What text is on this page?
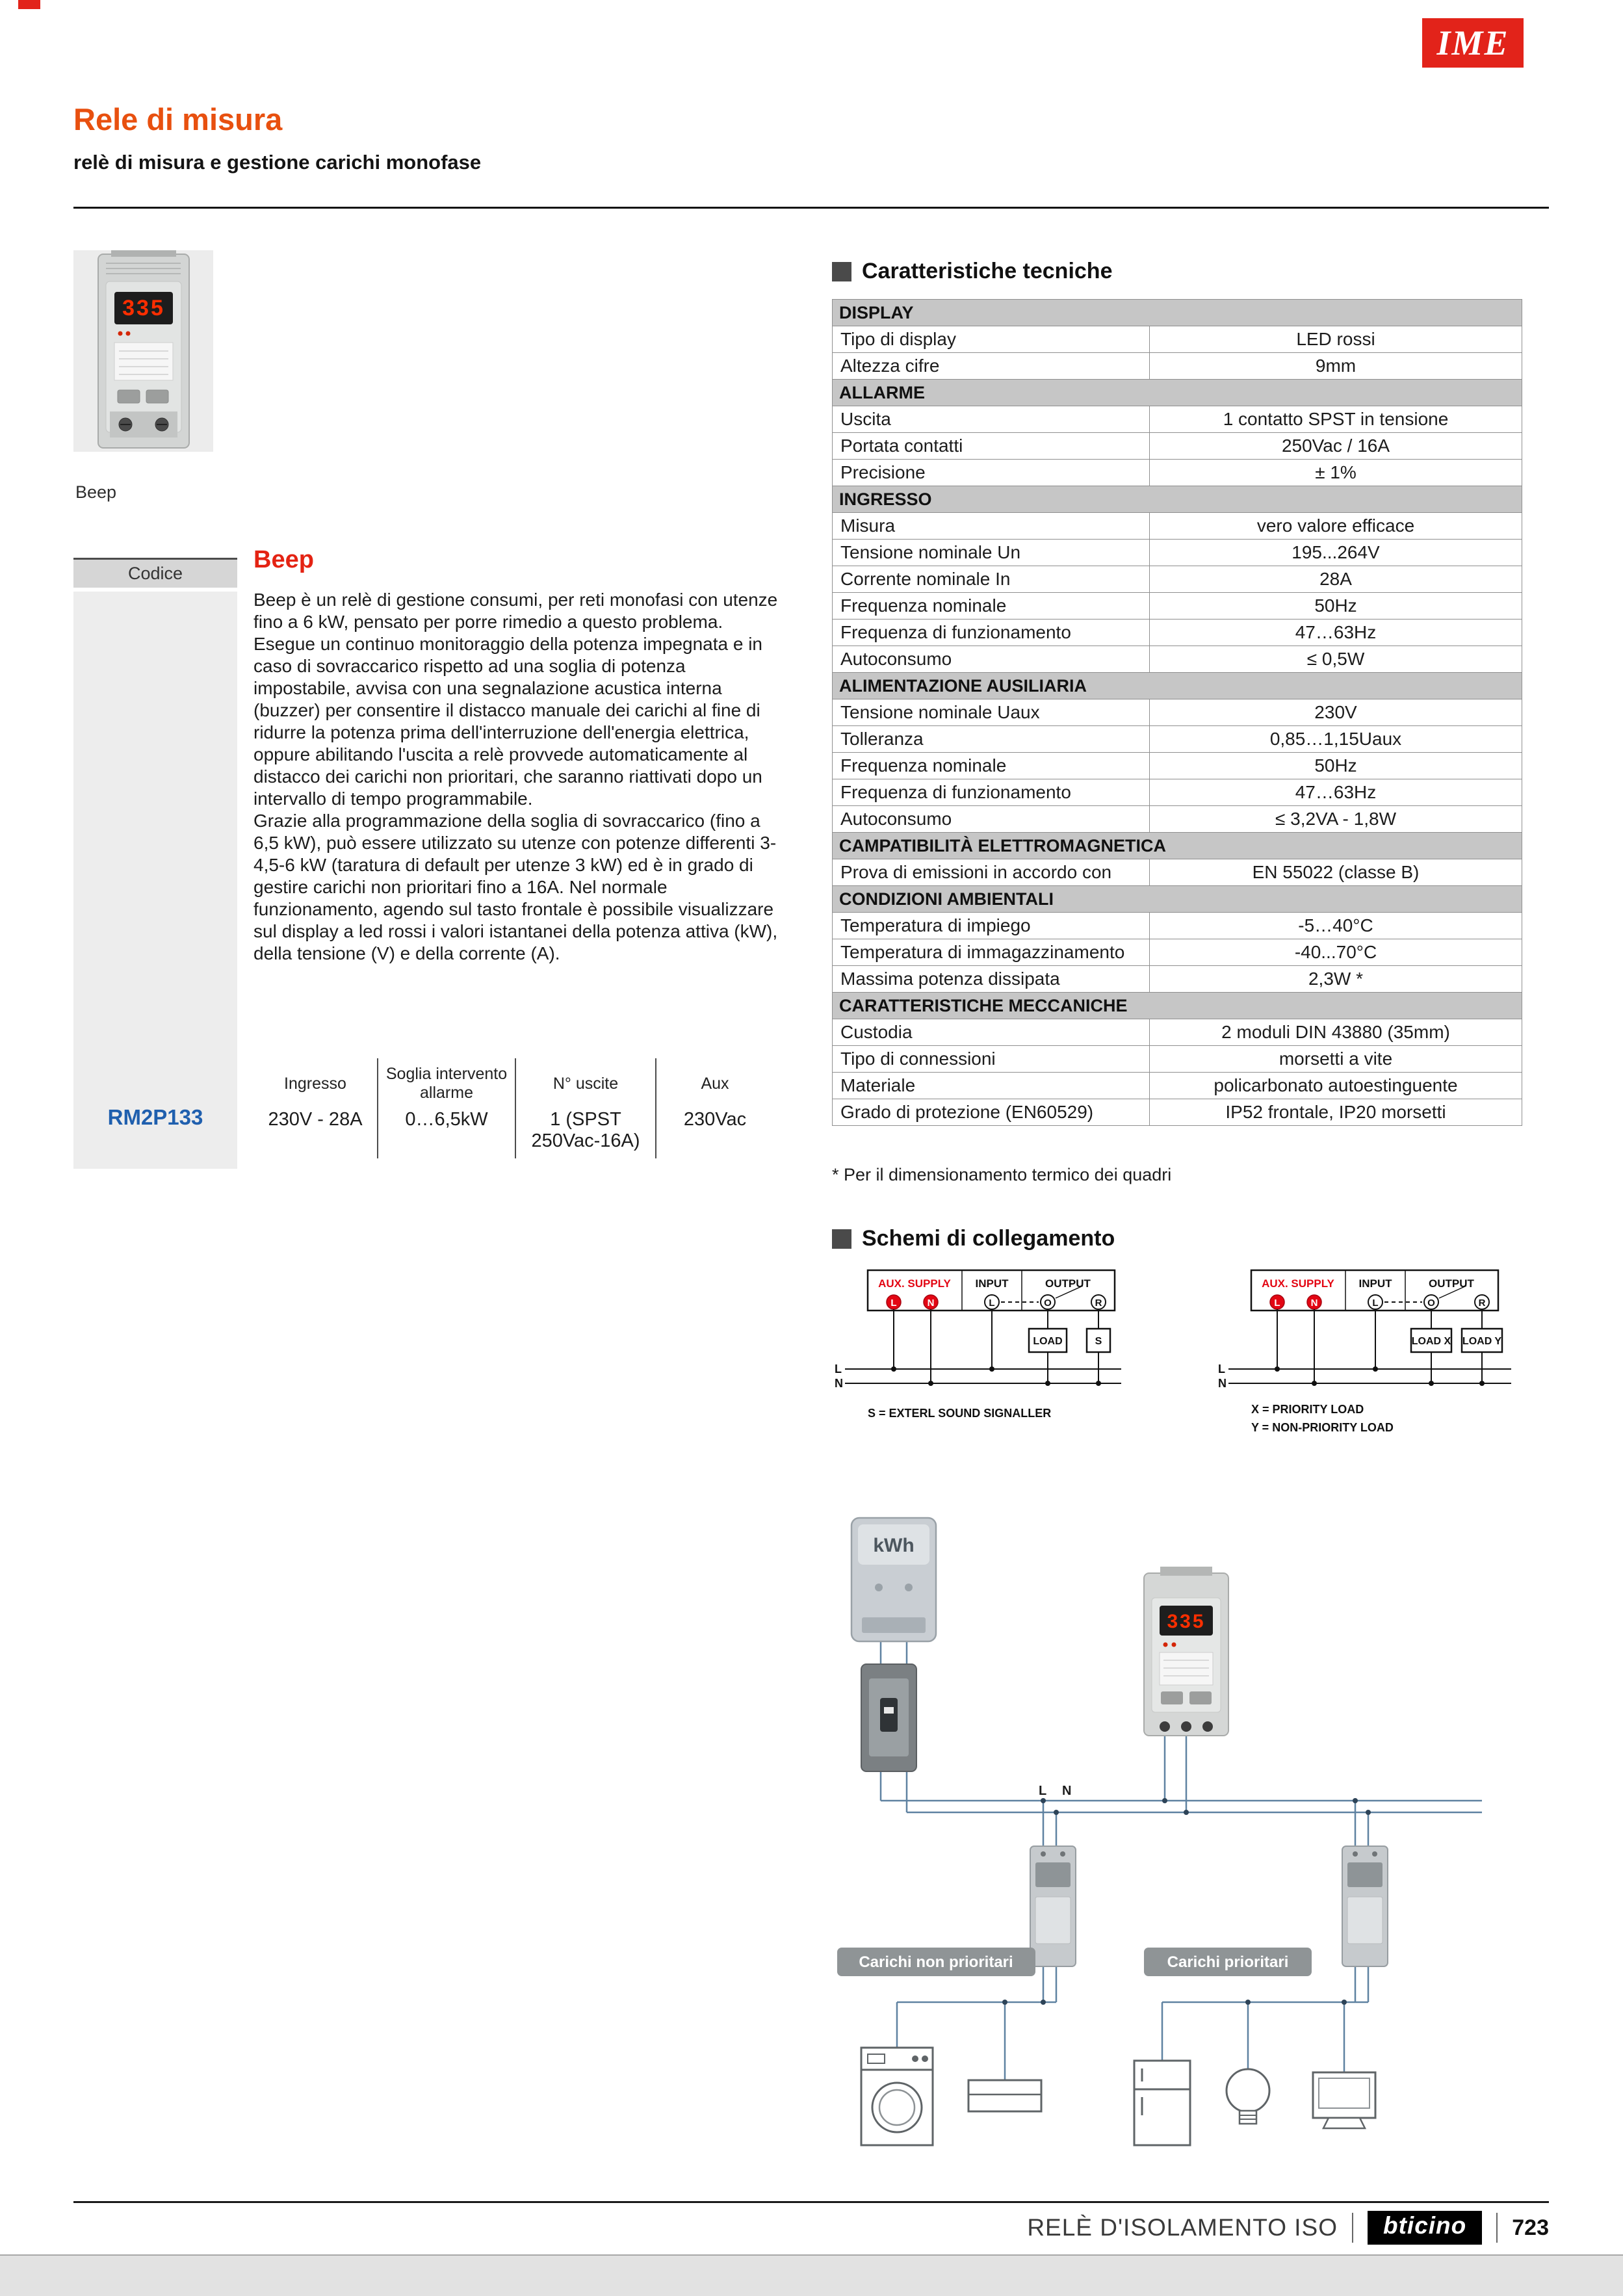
IME
Rele di misura
relè di misura e gestione carichi monofase
335
Beep
Codice
RM2P133
Beep

Beep è un relè di gestione consumi, per reti monofasi con utenze fino a 6 kW, pensato per porre rimedio a questo problema. Esegue un continuo monitoraggio della potenza impegnata e in caso di sovraccarico rispetto ad una soglia di potenza impostabile, avvisa con una segnalazione acustica interna (buzzer) per consentire il distacco manuale dei carichi al fine di ridurre la potenza prima dell'interruzione dell'energia elettrica, oppure abilitando l'uscita a relè provvede automaticamente al distacco dei carichi non prioritari, che saranno riattivati dopo un intervallo di tempo programmabile.

Grazie alla programmazione della soglia di sovraccarico (fino a 6,5 kW), può essere utilizzato su utenze con potenze differenti 3-4,5-6 kW (taratura di default per utenze 3 kW) ed è in grado di gestire carichi non prioritari fino a 16A. Nel normale funzionamento, agendo sul tasto frontale è possibile visualizzare sul display a led rossi i valori istantanei della potenza attiva (kW), della tensione (V) e della corrente (A).

Ingresso
230V - 28A
Soglia intervento allarme
0…6,5kW
N° uscite
1 (SPST 250Vac-16A)
Aux
230Vac
Caratteristiche tecniche
DISPLAY	
Tipo di display	LED rossi
Altezza cifre	9mm
ALLARME	
Uscita	1 contatto SPST in tensione
Portata contatti	250Vac / 16A
Precisione	± 1%
INGRESSO	
Misura	vero valore efficace
Tensione nominale Un	195...264V
Corrente nominale In	28A
Frequenza nominale	50Hz
Frequenza di funzionamento	47…63Hz
Autoconsumo	≤ 0,5W
ALIMENTAZIONE AUSILIARIA	
Tensione nominale Uaux	230V
Tolleranza	0,85…1,15Uaux
Frequenza nominale	50Hz
Frequenza di funzionamento	47…63Hz
Autoconsumo	≤ 3,2VA - 1,8W
CAMPATIBILITÀ ELETTROMAGNETICA	
Prova di emissioni in accordo con	EN 55022 (classe B)
CONDIZIONI AMBIENTALI	
Temperatura di impiego	-5…40°C
Temperatura di immagazzinamento	-40...70°C
Massima potenza dissipata	2,3W *
CARATTERISTICHE MECCANICHE	
Custodia	2 moduli DIN 43880 (35mm)
Tipo di connessioni	morsetti a vite
Materiale	policarbonato autoestinguente
Grado di protezione (EN60529)	IP52 frontale, IP20 morsetti
* Per il dimensionamento termico dei quadri
Schemi di collegamento
AUX. SUPPLY INPUT	OUTPUT
L	N	L	O	R
LOAD	S
L
N
S = EXTERL SOUND SIGNALLER
AUX. SUPPLY INPUT	OUTPUT
L	N	L	O	R
LOAD X LOAD Y
L
N
X = PRIORITY LOAD
Y = NON-PRIORITY LOAD
L N
kWh
335
Carichi non prioritari	Carichi prioritari
RELÈ D'ISOLAMENTO ISO	bticino	723
